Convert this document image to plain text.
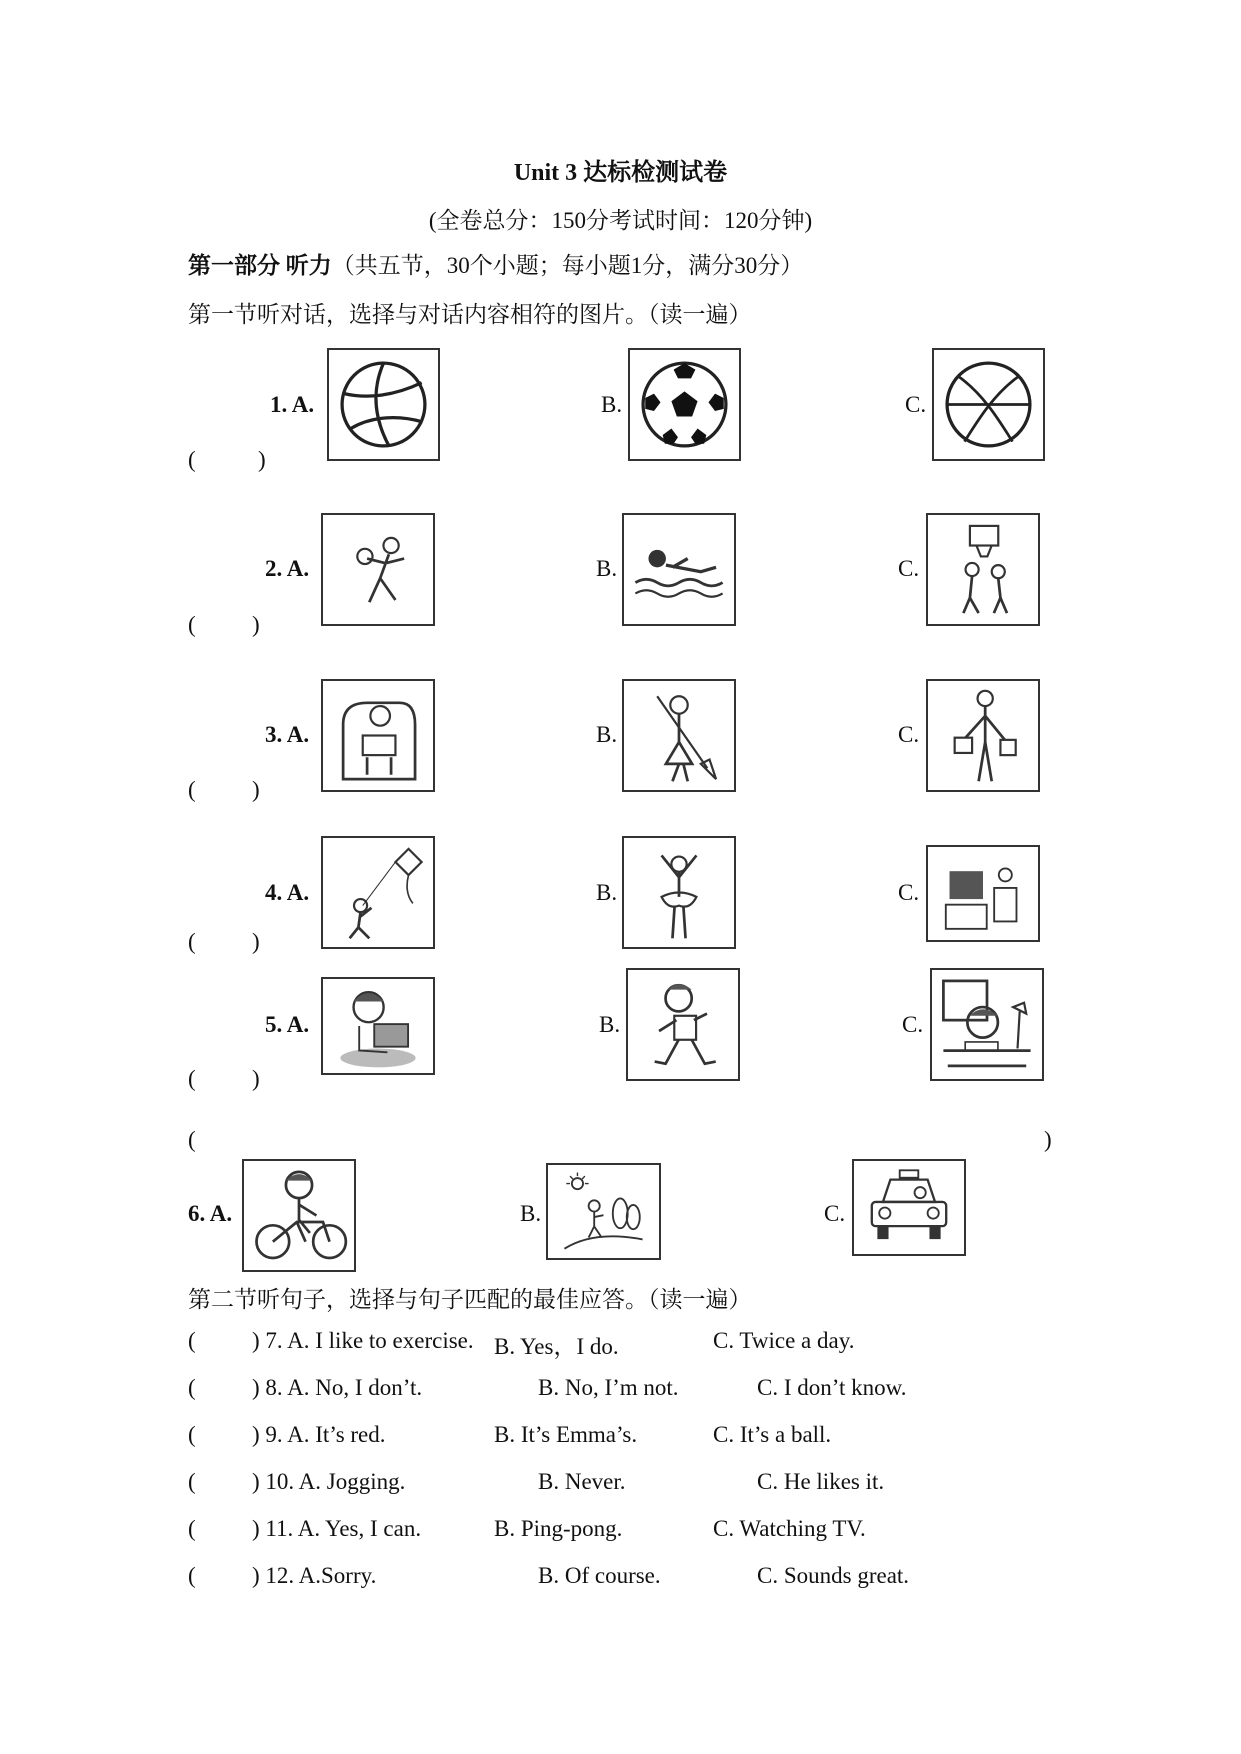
Unit 3 达标检测试卷
(全卷总分：150分考试时间：120分钟)
第一部分 听力（共五节，30个小题；每小题1分，满分30分）
第一节听对话，选择与对话内容相符的图片。（读一遍）
1. A.	B.	C.
(	)
2. A.	B.	C.
( )
3. A.	B.	C.
( )
4. A.	B.	C.
( )
5. A.	B.	C.
( )
(	)
6. A.	B.	C.
第二节听句子，选择与句子匹配的最佳应答。（读一遍）
( ) 7. A. I like to exercise. B. Yes，I do.	C. Twice a day.
( ) 8. A. No, I don’t.	B. No, I’m not.	C. I don’t know.
( ) 9. A. It’s red.	B. It’s Emma’s.	C. It’s a ball.
( ) 10. A. Jogging.	B. Never.	C. He likes it.
( ) 11. A. Yes, I can.	B. Ping-pong.	C. Watching TV.
( ) 12. A.Sorry.	B. Of course.	C. Sounds great.
